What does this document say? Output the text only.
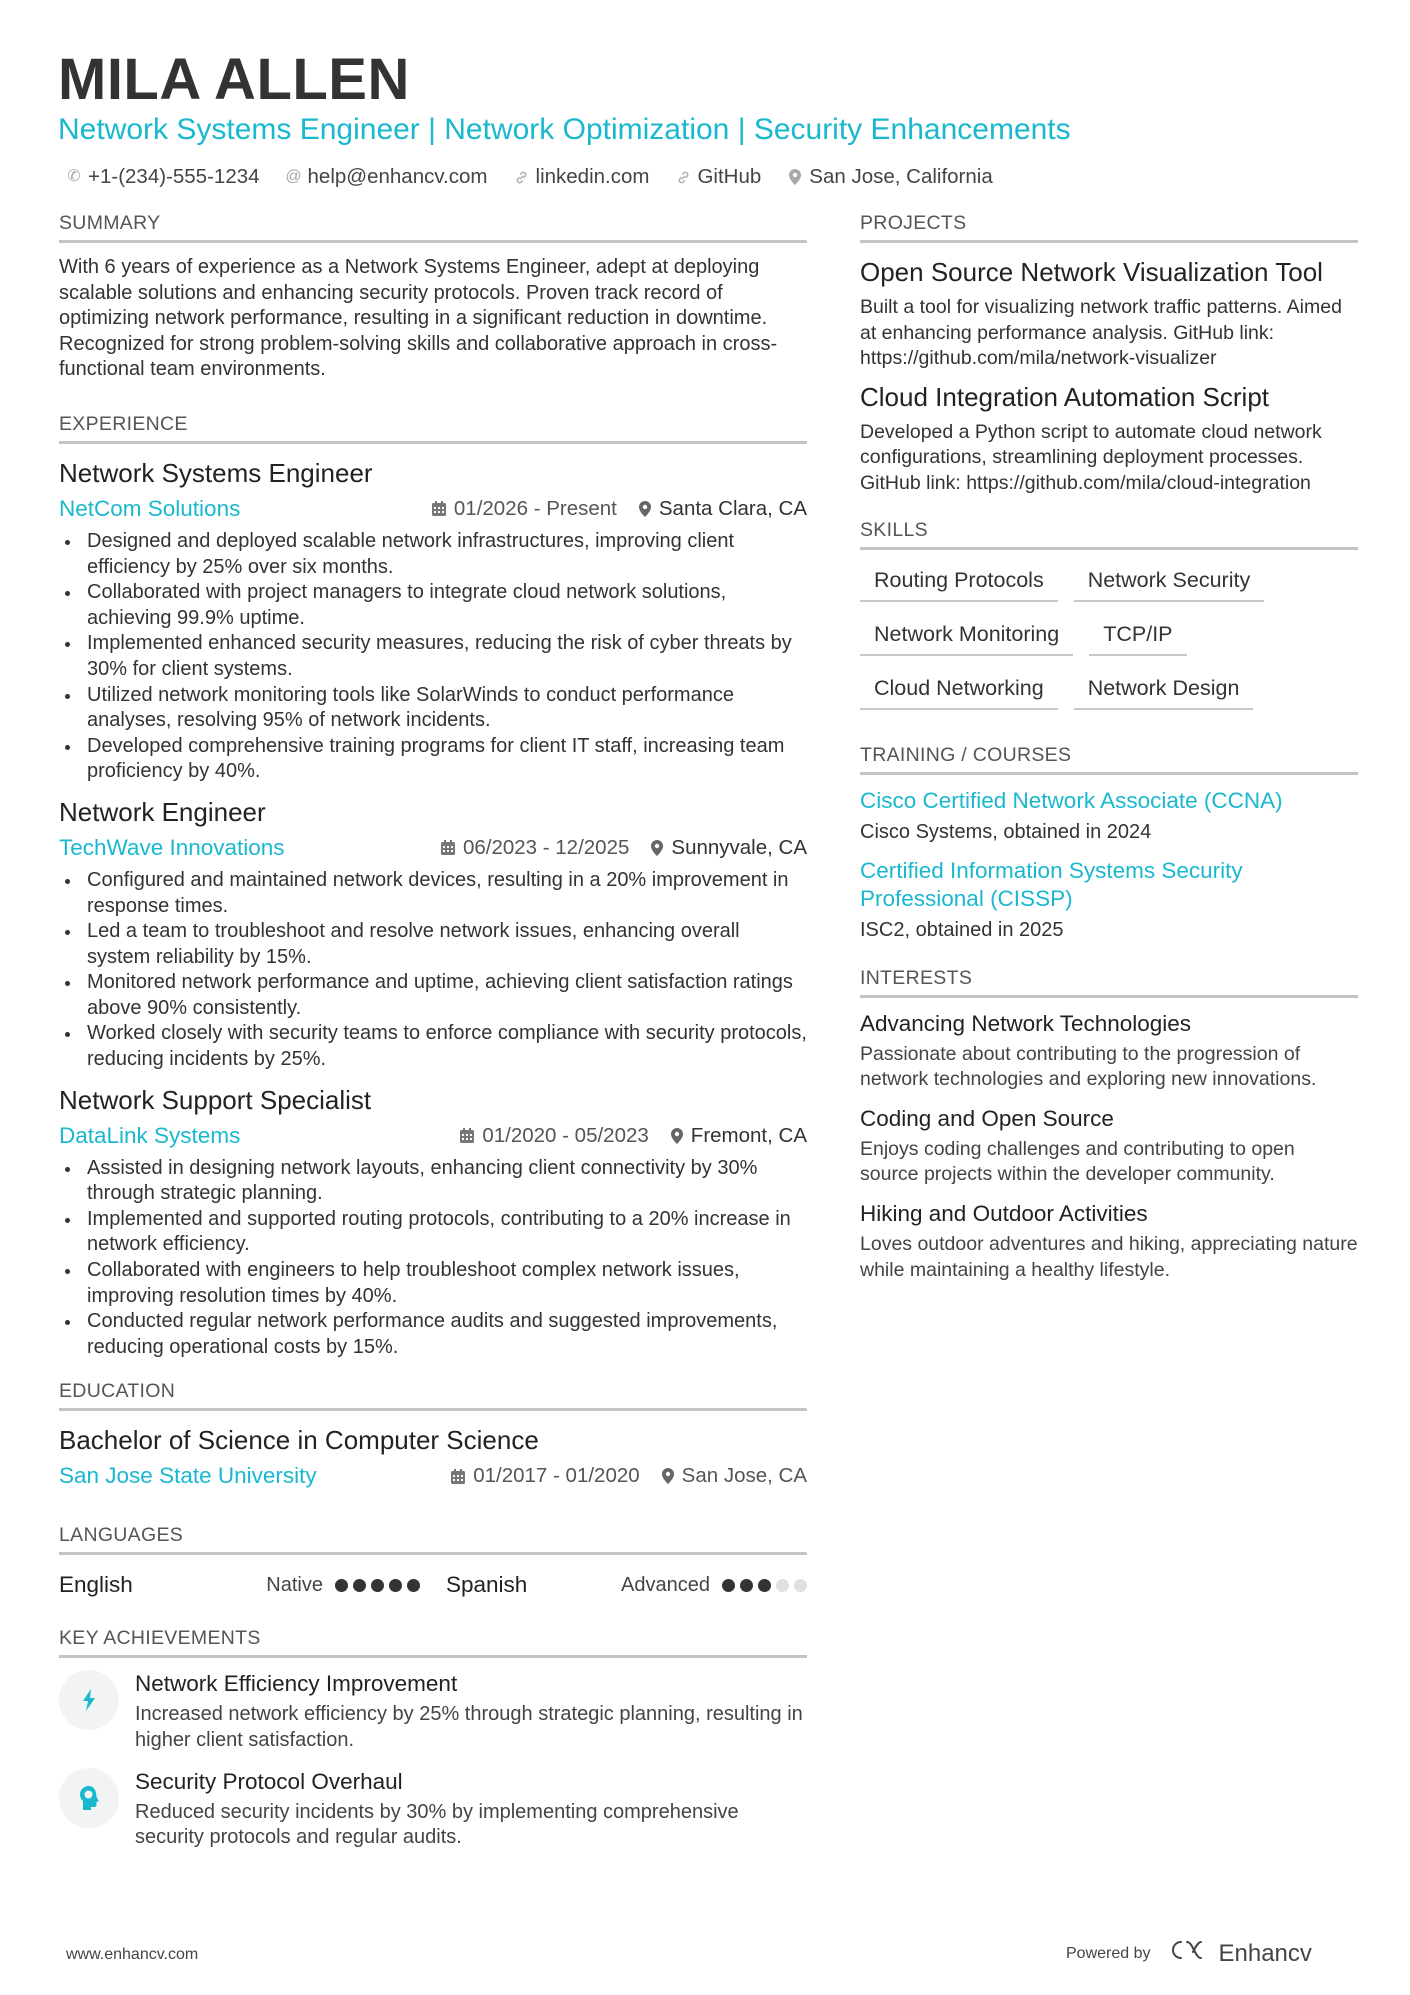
MILA ALLEN
Network Systems Engineer | Network Optimization | Security Enhancements
✆ +1-(234)-555-1234 @ help@enhancv.com linkedin.com GitHub San Jose, California
SUMMARY

With 6 years of experience as a Network Systems Engineer, adept at deploying scalable solutions and enhancing security protocols. Proven track record of optimizing network performance, resulting in a significant reduction in downtime. Recognized for strong problem-solving skills and collaborative approach in cross-functional team environments.

EXPERIENCE
Network Systems Engineer
NetCom Solutions	01/2026 - Present Santa Clara, CA
Designed and deployed scalable network infrastructures, improving client efficiency by 25% over six months.
Collaborated with project managers to integrate cloud network solutions, achieving 99.9% uptime.
Implemented enhanced security measures, reducing the risk of cyber threats by 30% for client systems.
Utilized network monitoring tools like SolarWinds to conduct performance analyses, resolving 95% of network incidents.
Developed comprehensive training programs for client IT staff, increasing team proficiency by 40%.
Network Engineer
TechWave Innovations	06/2023 - 12/2025 Sunnyvale, CA
Configured and maintained network devices, resulting in a 20% improvement in response times.
Led a team to troubleshoot and resolve network issues, enhancing overall system reliability by 15%.
Monitored network performance and uptime, achieving client satisfaction ratings above 90% consistently.
Worked closely with security teams to enforce compliance with security protocols, reducing incidents by 25%.
Network Support Specialist
DataLink Systems	01/2020 - 05/2023 Fremont, CA
Assisted in designing network layouts, enhancing client connectivity by 30% through strategic planning.
Implemented and supported routing protocols, contributing to a 20% increase in network efficiency.
Collaborated with engineers to help troubleshoot complex network issues, improving resolution times by 40%.
Conducted regular network performance audits and suggested improvements, reducing operational costs by 15%.
EDUCATION
Bachelor of Science in Computer Science
San Jose State University	01/2017 - 01/2020 San Jose, CA
LANGUAGES
English	Native	Spanish	Advanced
KEY ACHIEVEMENTS
Network Efficiency Improvement
Increased network efficiency by 25% through strategic planning, resulting in higher client satisfaction.
Security Protocol Overhaul
Reduced security incidents by 30% by implementing comprehensive security protocols and regular audits.
PROJECTS
Open Source Network Visualization Tool
Built a tool for visualizing network traffic patterns. Aimed at enhancing performance analysis. GitHub link: https://github.com/mila/network-visualizer
Cloud Integration Automation Script
Developed a Python script to automate cloud network configurations, streamlining deployment processes. GitHub link: https://github.com/mila/cloud-integration
SKILLS
Routing Protocols	Network Security
Network Monitoring	TCP/IP
Cloud Networking	Network Design
TRAINING / COURSES
Cisco Certified Network Associate (CCNA)
Cisco Systems, obtained in 2024
Certified Information Systems Security Professional (CISSP)
ISC2, obtained in 2025
INTERESTS
Advancing Network Technologies
Passionate about contributing to the progression of network technologies and exploring new innovations.
Coding and Open Source
Enjoys coding challenges and contributing to open source projects within the developer community.
Hiking and Outdoor Activities
Loves outdoor adventures and hiking, appreciating nature while maintaining a healthy lifestyle.
www.enhancv.com	Powered by	Enhancv
